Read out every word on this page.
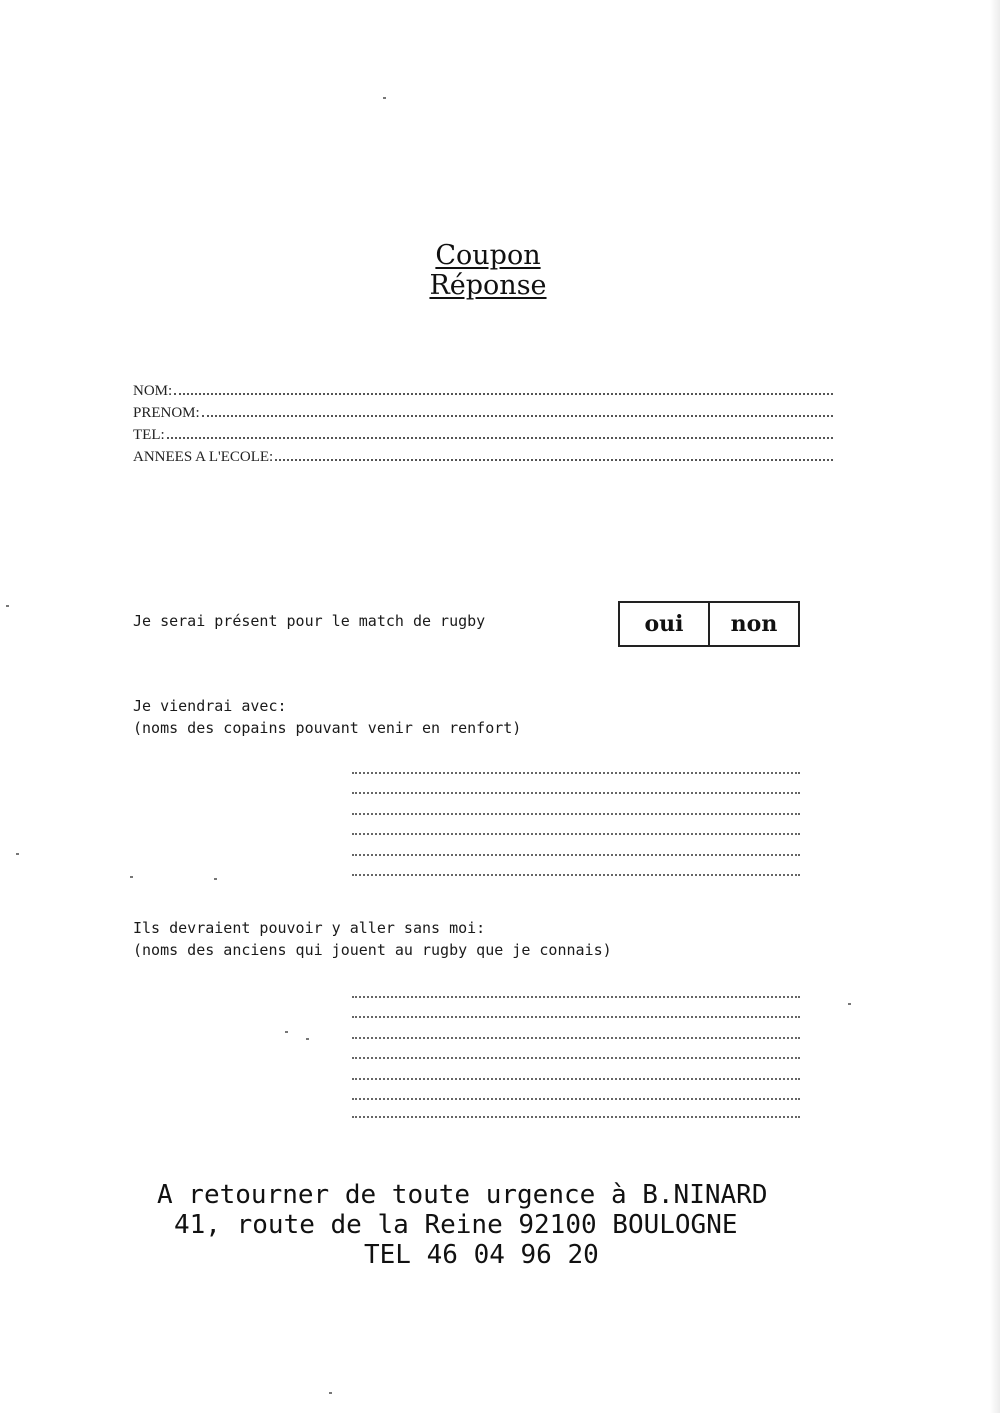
Coupon
Réponse
NOM:
PRENOM:
TEL:
ANNEES A L'ECOLE:
Je serai présent pour le match de rugby	oui	non
Je viendrai avec:
(noms des copains pouvant venir en renfort)
Ils devraient pouvoir y aller sans moi:
(noms des anciens qui jouent au rugby que je connais)
A retourner de toute urgence à B.NINARD
41, route de la Reine 92100 BOULOGNE
TEL 46 04 96 20
